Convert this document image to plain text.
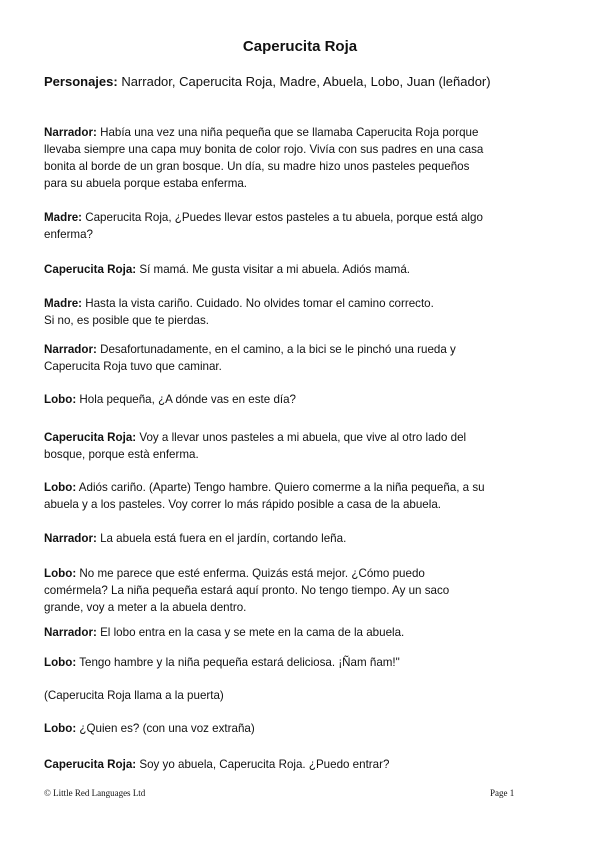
Caperucita Roja
Personajes: Narrador, Caperucita Roja, Madre, Abuela, Lobo, Juan (leñador)
Narrador: Había una vez una niña pequeña que se llamaba Caperucita Roja porque
llevaba siempre una capa muy bonita de color rojo. Vivía con sus padres en una casa
bonita al borde de un gran bosque. Un día, su madre hizo unos pasteles pequeños
para su abuela porque estaba enferma.
Madre: Caperucita Roja, ¿Puedes llevar estos pasteles a tu abuela, porque está algo
enferma?
Caperucita Roja: Sí mamá. Me gusta visitar a mi abuela. Adiós mamá.
Madre: Hasta la vista cariño. Cuidado. No olvides tomar el camino correcto.
Si no, es posible que te pierdas.
Narrador: Desafortunadamente, en el camino, a la bici se le pinchó una rueda y
Caperucita Roja tuvo que caminar.
Lobo: Hola pequeña, ¿A dónde vas en este día?
Caperucita Roja: Voy a llevar unos pasteles a mi abuela, que vive al otro lado del
bosque, porque està enferma.
Lobo: Adiós cariño. (Aparte) Tengo hambre. Quiero comerme a la niña pequeña, a su
abuela y a los pasteles. Voy correr lo más rápido posible a casa de la abuela.
Narrador: La abuela está fuera en el jardín, cortando leña.
Lobo: No me parece que esté enferma. Quizás está mejor. ¿Cómo puedo
comérmela? La niña pequeña estará aquí pronto. No tengo tiempo. Ay un saco
grande, voy a meter a la abuela dentro.
Narrador: El lobo entra en la casa y se mete en la cama de la abuela.
Lobo: Tengo hambre y la niña pequeña estará deliciosa. ¡Ñam ñam!"
(Caperucita Roja llama a la puerta)
Lobo: ¿Quien es? (con una voz extraña)
Caperucita Roja: Soy yo abuela, Caperucita Roja. ¿Puedo entrar?
© Little Red Languages Ltd	Page 1
